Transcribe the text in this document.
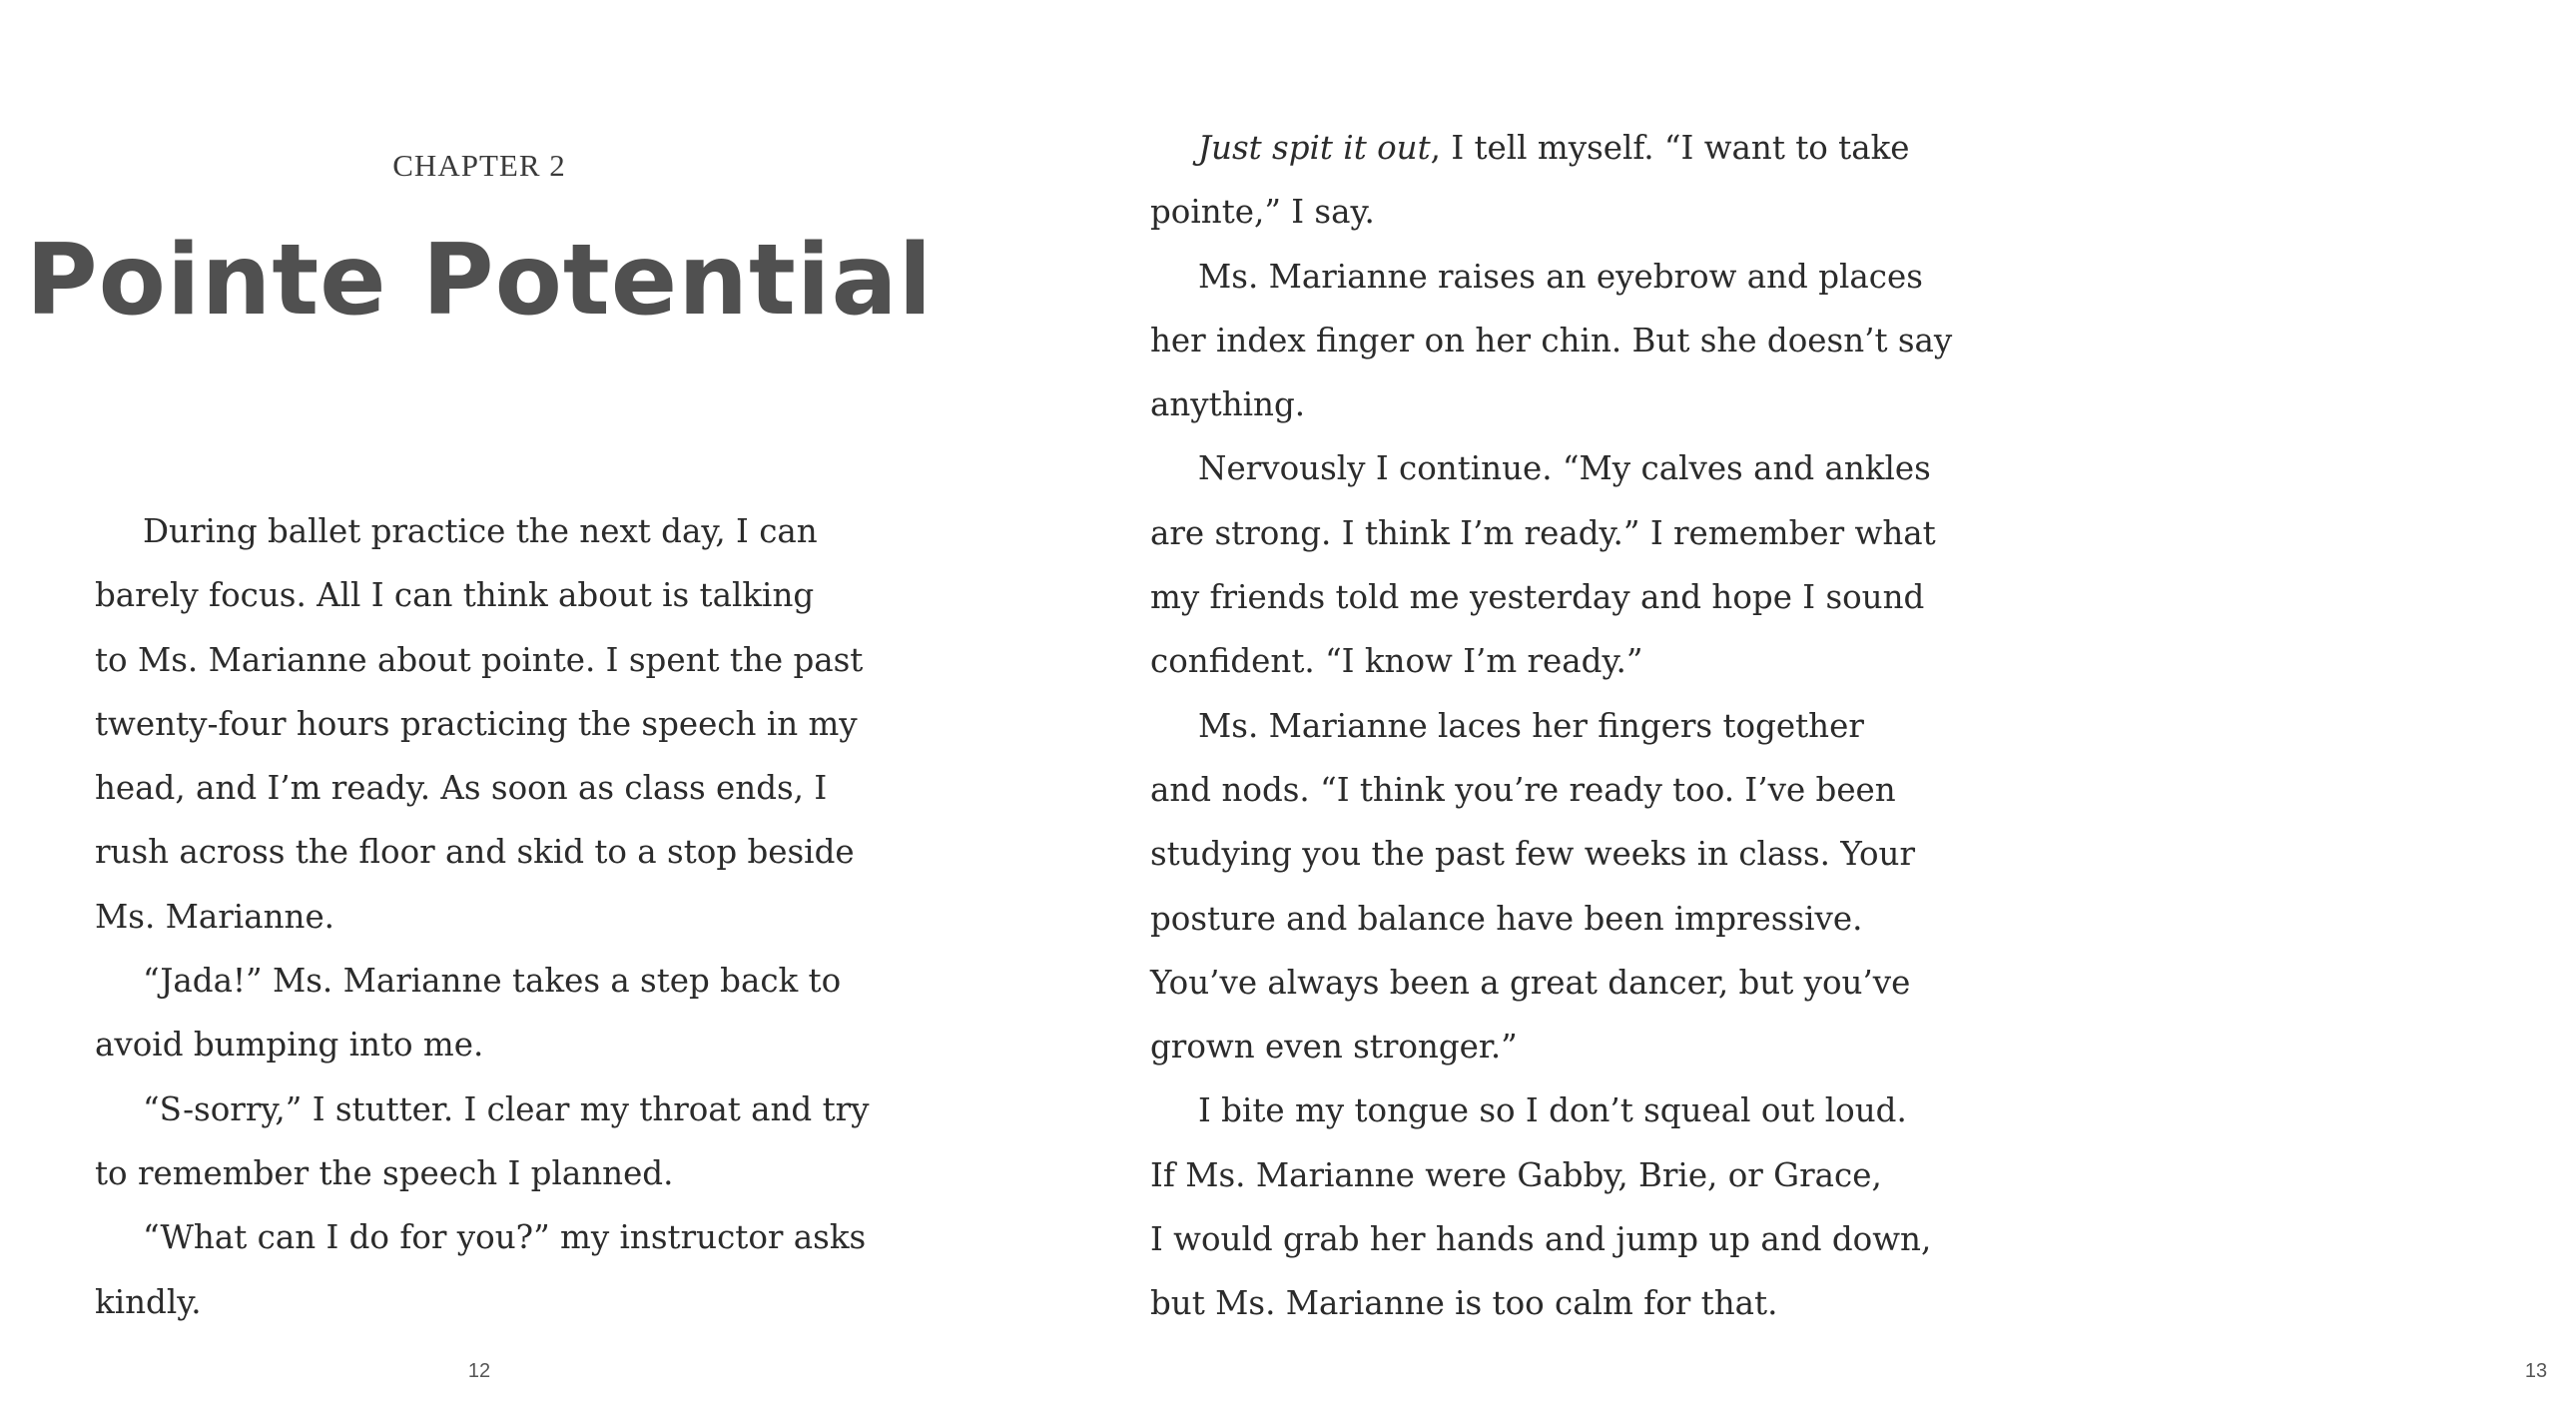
CHAPTER 2

Pointe Potential
During ballet practice the next day, I can
barely focus. All I can think about is talking
to Ms. Marianne about pointe. I spent the past
twenty-four hours practicing the speech in my
head, and I’m ready. As soon as class ends, I
rush across the floor and skid to a stop beside
Ms. Marianne.
“Jada!” Ms. Marianne takes a step back to
avoid bumping into me.
“S-sorry,” I stutter. I clear my throat and try
to remember the speech I planned.
“What can I do for you?” my instructor asks
kindly.

12

Just spit it out, I tell myself. “I want to take
pointe,” I say.
Ms. Marianne raises an eyebrow and places
her index finger on her chin. But she doesn’t say
anything.
Nervously I continue. “My calves and ankles
are strong. I think I’m ready.” I remember what
my friends told me yesterday and hope I sound
confident. “I know I’m ready.”
Ms. Marianne laces her fingers together
and nods. “I think you’re ready too. I’ve been
studying you the past few weeks in class. Your
posture and balance have been impressive.
You’ve always been a great dancer, but you’ve
grown even stronger.”
I bite my tongue so I don’t squeal out loud.
If Ms. Marianne were Gabby, Brie, or Grace,
I would grab her hands and jump up and down,
but Ms. Marianne is too calm for that.

13
